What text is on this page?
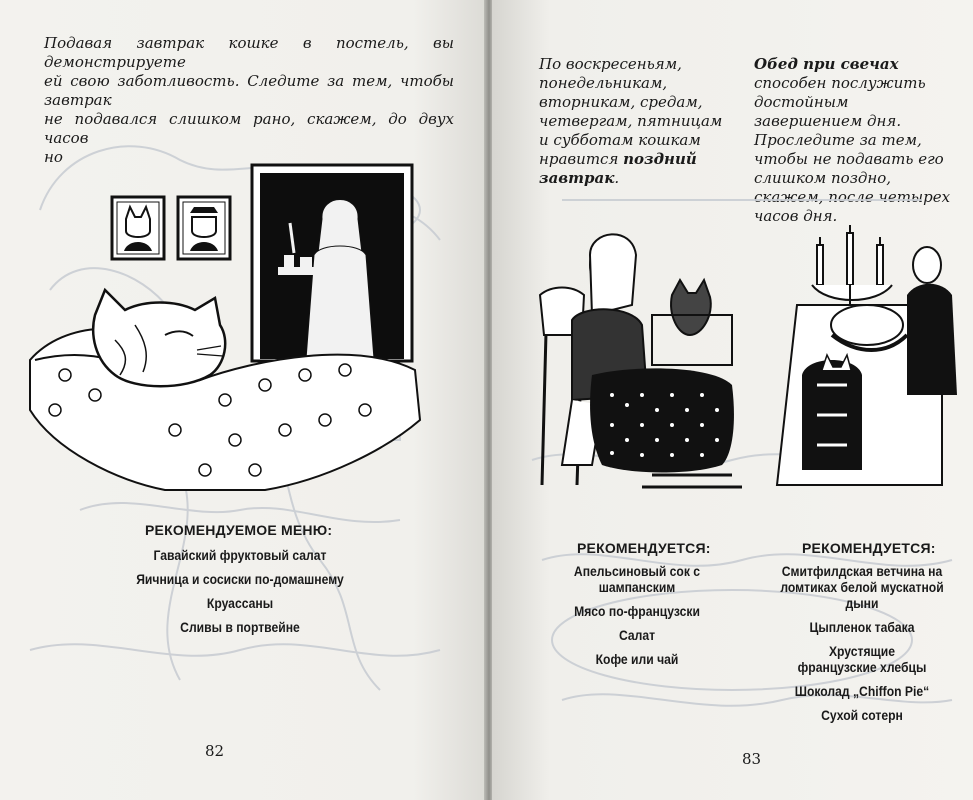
Подавая завтрак кошке в постель, вы демонстрируете
ей свою заботливость. Следите за тем, чтобы завтрак
не подавался слишком рано, скажем, до двух часов
но
РЕКОМЕНДУЕМОЕ МЕНЮ:
Гавайский фруктовый салат
Яичница и сосиски по-домашнему
Круассаны
Сливы в портвейне
82
По воскресеньям, понедельникам, вторникам, средам, четвергам, пятницам и субботам кошкам нравится поздний завтрак.
Обед при свечах способен послужить достойным завершением дня. Проследите за тем, чтобы не подавать его слишком поздно, скажем, после четырех часов дня.
РЕКОМЕНДУЕТСЯ:
Апельсиновый сок с шампанским
Мясо по-французски
Салат
Кофе или чай
РЕКОМЕНДУЕТСЯ:
Смитфилдская ветчина на ломтиках белой мускатной дыни
Цыпленок табака
Хрустящие французские хлебцы
Шоколад „Chiffon Pie“
Сухой сотерн
83
